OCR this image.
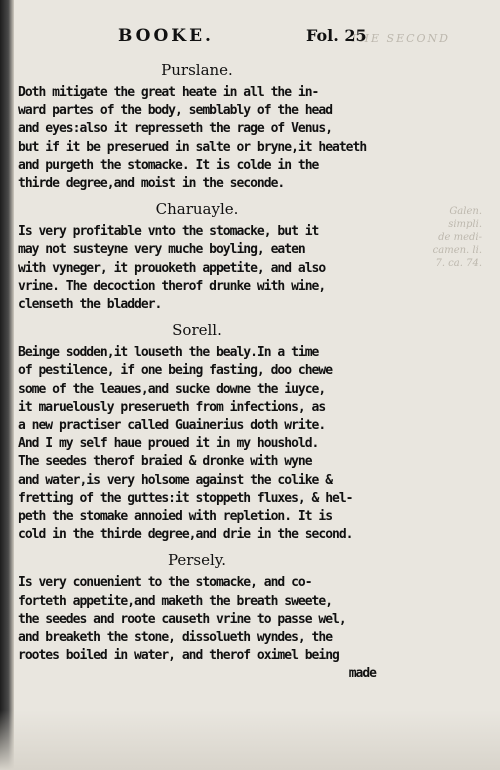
THE SECOND
Galen.
simpli.
de medi-
camen. li.
7. ca. 74.
BOOKE.	Fol. 25
Purslane.
Doth mitigate the great heate in all the in-
ward partes of the body, semblably of the head
and eyes:also it represseth the rage of Venus,
but if it be preserued in salte or bryne,it heateth
and purgeth the stomacke. It is colde in the
thirde degree,and moist in the seconde.
Charuayle.
Is very profitable vnto the stomacke, but it
may not susteyne very muche boyling, eaten
with vyneger, it prouoketh appetite, and also
vrine. The decoction therof drunke with wine,
clenseth the bladder.
Sorell.
Beinge sodden,it louseth the bealy.In a time
of pestilence, if one being fasting, doo chewe
some of the leaues,and sucke downe the iuyce,
it maruelously preserueth from infections, as
a new practiser called Guainerius doth write.
And I my self haue proued it in my houshold.
The seedes therof braied & dronke with wyne
and water,is very holsome against the colike &
fretting of the guttes:it stoppeth fluxes, & hel-
peth the stomake annoied with repletion. It is
cold in the thirde degree,and drie in the second.
Persely.
Is very conuenient to the stomacke, and co-
forteth appetite,and maketh the breath sweete,
the seedes and roote causeth vrine to passe wel,
and breaketh the stone, dissolueth wyndes, the
rootes boiled in water, and therof oximel being
made
